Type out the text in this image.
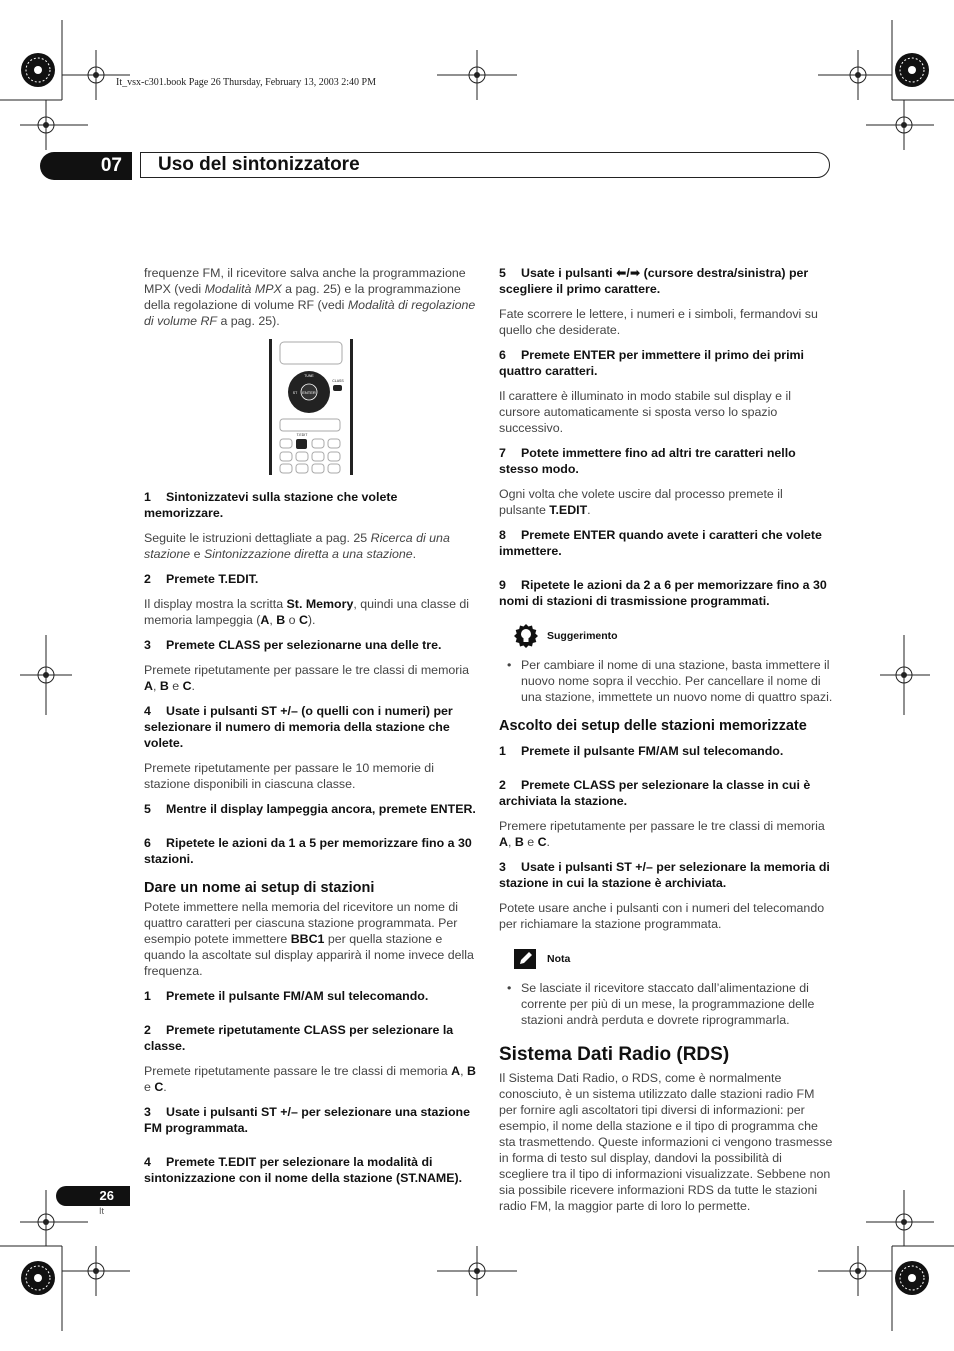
It_vsx-c301.book Page 26 Thursday, February 13, 2003 2:40 PM
07	Uso del sintonizzatore

frequenze FM, il ricevitore salva anche la programmazione MPX (vedi Modalità MPX a pag. 25) e la programmazione della regolazione di volume RF (vedi Modalità di regolazione di volume RF a pag. 25).

ENTER
TUNE
ST
CLASS
T.EDIT

1 Sintonizzatevi sulla stazione che volete memorizzare.

Seguite le istruzioni dettagliate a pag. 25 Ricerca di una stazione e Sintonizzazione diretta a una stazione.

2 Premete T.EDIT.

Il display mostra la scritta St. Memory, quindi una classe di memoria lampeggia (A, B o C).

3 Premete CLASS per selezionarne una delle tre.

Premete ripetutamente per passare le tre classi di memoria A, B e C.

4 Usate i pulsanti ST +/– (o quelli con i numeri) per selezionare il numero di memoria della stazione che volete.

Premete ripetutamente per passare le 10 memorie di stazione disponibili in ciascuna classe.

5 Mentre il display lampeggia ancora, premete ENTER.

6 Ripetete le azioni da 1 a 5 per memorizzare fino a 30 stazioni.

Dare un nome ai setup di stazioni

Potete immettere nella memoria del ricevitore un nome di quattro caratteri per ciascuna stazione programmata. Per esempio potete immettere BBC1 per quella stazione e quando la ascoltate sul display apparirà il nome invece della frequenza.

1 Premete il pulsante FM/AM sul telecomando.

2 Premete ripetutamente CLASS per selezionare la classe.

Premete ripetutamente passare le tre classi di memoria A, B e C.

3 Usate i pulsanti ST +/– per selezionare una stazione FM programmata.

4 Premete T.EDIT per selezionare la modalità di sintonizzazione con il nome della stazione (ST.NAME).

5 Usate i pulsanti ⬅/➡ (cursore destra/sinistra) per scegliere il primo carattere.

Fate scorrere le lettere, i numeri e i simboli, fermandovi su quello che desiderate.

6 Premete ENTER per immettere il primo dei primi quattro caratteri.

Il carattere è illuminato in modo stabile sul display e il cursore automaticamente si sposta verso lo spazio successivo.

7 Potete immettere fino ad altri tre caratteri nello stesso modo.

Ogni volta che volete uscire dal processo premete il pulsante T.EDIT.

8 Premete ENTER quando avete i caratteri che volete immettere.

9 Ripetete le azioni da 2 a 6 per memorizzare fino a 30 nomi di stazioni di trasmissione programmati.

Suggerimento

• Per cambiare il nome di una stazione, basta immettere il nuovo nome sopra il vecchio. Per cancellare il nome di una stazione, immettete un nuovo nome di quattro spazi.

Ascolto dei setup delle stazioni memorizzate

1 Premete il pulsante FM/AM sul telecomando.

2 Premete CLASS per selezionare la classe in cui è archiviata la stazione.

Premere ripetutamente per passare le tre classi di memoria A, B e C.

3 Usate i pulsanti ST +/– per selezionare la memoria di stazione in cui la stazione è archiviata.

Potete usare anche i pulsanti con i numeri del telecomando per richiamare la stazione programmata.

Nota

• Se lasciate il ricevitore staccato dall’alimentazione di corrente per più di un mese, la programmazione delle stazioni andrà perduta e dovrete riprogrammarla.

Sistema Dati Radio (RDS)

Il Sistema Dati Radio, o RDS, come è normalmente conosciuto, è un sistema utilizzato dalle stazioni radio FM per fornire agli ascoltatori tipi diversi di informazioni: per esempio, il nome della stazione e il tipo di programma che sta trasmettendo. Queste informazioni ci vengono trasmesse in forma di testo sul display, dandovi la possibilità di scegliere tra il tipo di informazioni visualizzate. Sebbene non sia possibile ricevere informazioni RDS da tutte le stazioni radio FM, la maggior parte di loro lo permette.

26
It
